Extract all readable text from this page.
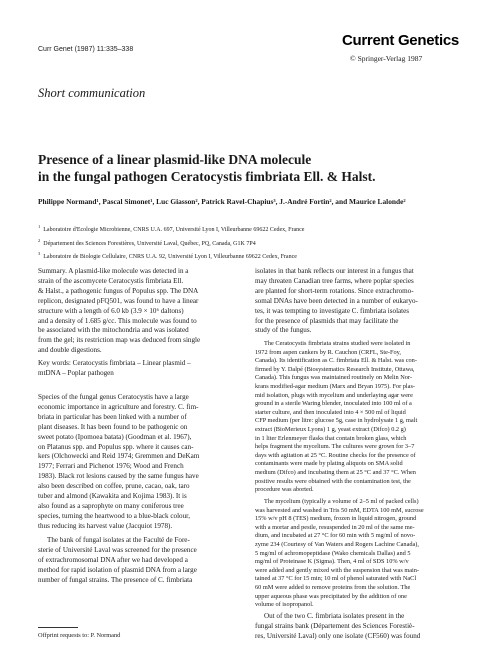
Curr Genet (1987) 11:335–338
Current Genetics
© Springer-Verlag 1987
Short communication
Presence of a linear plasmid-like DNA molecule
in the fungal pathogen Ceratocystis fimbriata Ell. & Halst.
Philippe Normand¹, Pascal Simonet¹, Luc Giasson², Patrick Ravel-Chapius³, J.-André Fortin², and Maurice Lalonde²
$^1$  Laboratoire d'Ecologie Microbienne, CNRS U.A. 697, Université Lyon I, Villeurbanne 69622 Cedex, France
$^2$  Département des Sciences Forestières, Université Laval, Québec, PQ, Canada, G1K 7P4
$^3$  Laboratoire de Biologie Cellulaire, CNRS U.A. 92, Université Lyon I, Villeurbanne 69622 Cedex, France
Summary. A plasmid-like molecule was detected in a
strain of the ascomycete Ceratocystis fimbriata Ell.
& Halst., a pathogenic fungus of Populus spp. The DNA
replicon, designated pFQ501, was found to have a linear
structure with a length of 6.0 kb (3.9 × 10⁶ daltons)
and a density of 1.685 g/cc. This molecule was found to
be associated with the mitochondria and was isolated
from the gel; its restriction map was deduced from single
and double digestions.
Key words: Ceratocystis fimbriata – Linear plasmid –
mtDNA – Poplar pathogen
Species of the fungal genus Ceratocystis have a large
economic importance in agriculture and forestry. C. fim-
briata in particular has been linked with a number of
plant diseases. It has been found to be pathogenic on
sweet potato (Ipomoea batata) (Goodman et al. 1967),
on Platanus spp. and Populus spp. where it causes can-
kers (Olchowecki and Reid 1974; Gremmen and DeKam
1977; Ferrari and Pichenot 1976; Wood and French
1983). Black rot lesions caused by the same fungus have
also been described on coffee, prune, cacao, oak, taro
tuber and almond (Kawakita and Kojima 1983). It is
also found as a saprophyte on many coniferous tree
species, turning the heartwood to a blue-black colour,
thus reducing its harvest value (Jacquiot 1978).
The bank of fungal isolates at the Faculté de Fore-
sterie of Université Laval was screened for the presence
of extrachromosomal DNA after we had developed a
method for rapid isolation of plasmid DNA from a large
number of fungal strains. The presence of C. fimbriata
Offprint requests to: P. Normand
isolates in that bank reflects our interest in a fungus that
may threaten Canadian tree farms, where poplar species
are planted for short-term rotations. Since extrachromo-
somal DNAs have been detected in a number of eukaryo-
tes, it was tempting to investigate C. fimbriata isolates
for the presence of plasmids that may facilitate the
study of the fungus.
The Ceratocystis fimbriata strains studied were isolated in
1972 from aspen cankers by R. Cauchon (CRFL, Ste-Foy,
Canada). Its identification as C. fimbriata Ell. & Halst. was con-
firmed by Y. Dalpé (Biosystematics Research Institute, Ottawa,
Canada). This fungus was maintained routinely on Melin Nor-
krans modified-agar medium (Marx and Bryan 1975). For plas-
mid isolation, plugs with mycelium and underlaying agar were
ground in a sterile Waring blender, inoculated into 100 ml of a
starter culture, and then inoculated into 4 × 500 ml of liquid
CFP medium (per litre: glucose 5g, case in hydrolysate 1 g, malt
extract (BioMerieux Lyons) 1 g, yeast extract (Difco) 0.2 g)
in 1 liter Erlenmeyer flasks that contain broken glass, which
helps fragment the mycelium. The cultures were grown for 3–7
days with agitation at 25 °C. Routine checks for the presence of
contaminants were made by plating aliquots on SMA solid
medium (Difco) and incubating them at 25 °C and 37 °C. When
positive results were obtained with the contamination test, the
procedure was aborted.
The mycelium (typically a volume of 2–5 ml of packed cells)
was harvested and washed in Tris 50 mM, EDTA 100 mM, sucrose
15% w/v pH 8 (TES) medium, frozen in liquid nitrogen, ground
with a mortar and pestle, resuspended in 20 ml of the same me-
dium, and incubated at 27 °C for 60 min with 5 mg/ml of novo-
zyme 234 (Courtesy of Van Waters and Rogers Lachine Canada),
5 mg/ml of achromopeptidase (Wako chemicals Dallas) and 5
mg/ml of Proteinase K (Sigma). Then, 4 ml of SDS 10% w/v
were added and gently mixed with the suspension that was main-
tained at 37 °C for 15 min; 10 ml of phenol saturated with NaCl
60 mM were added to remove proteins from the solution. The
upper aqueous phase was precipitated by the addition of one
volume of isopropanol.
Out of the two C. fimbriata isolates present in the
fungal strains bank (Département des Sciences Forestiè-
res, Université Laval) only one isolate (CF560) was found
